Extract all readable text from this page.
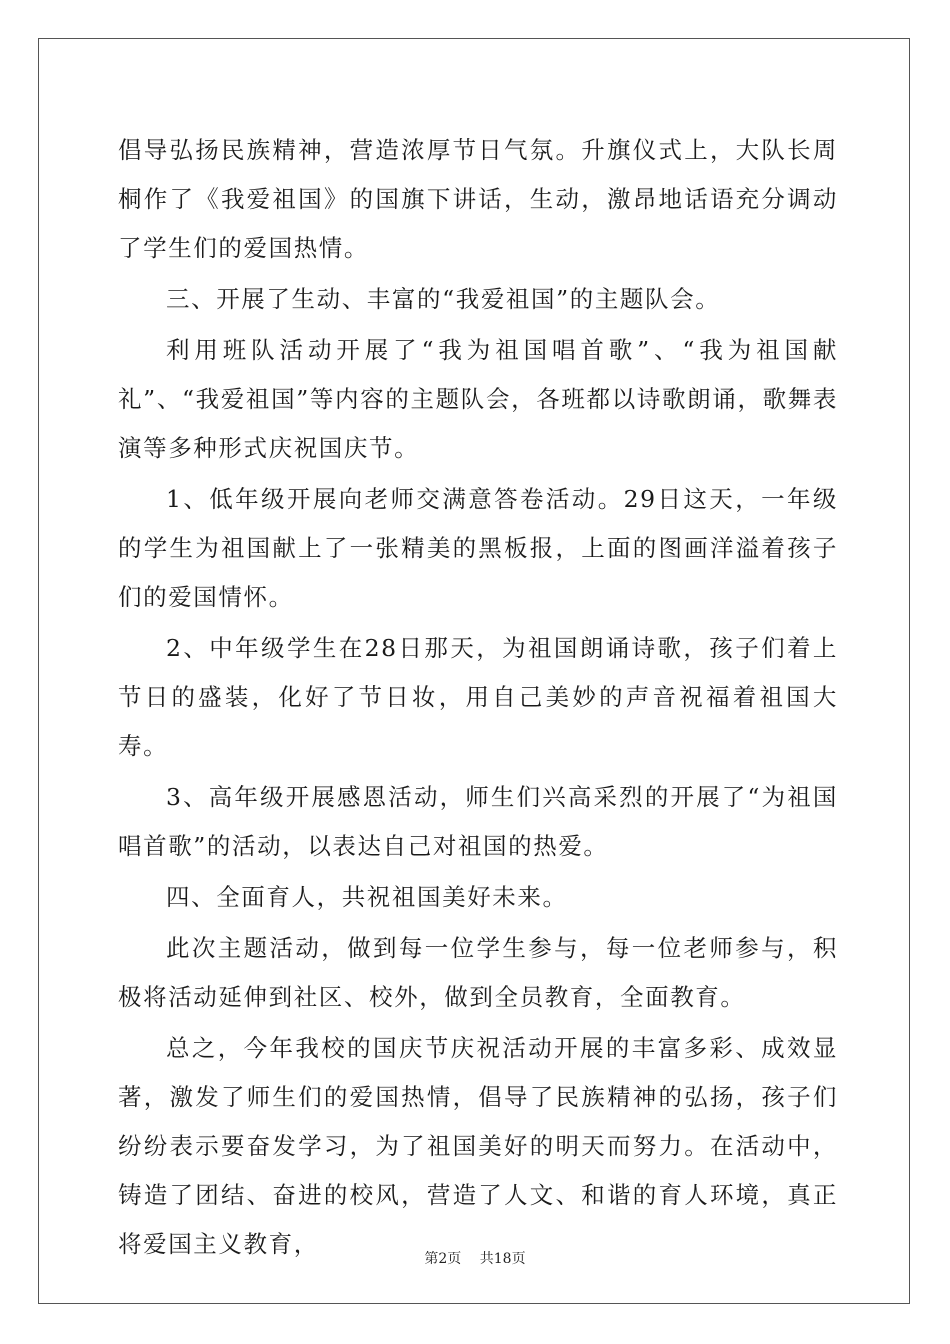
倡导弘扬民族精神，营造浓厚节日气氛。升旗仪式上，大队长周桐作了《我爱祖国》的国旗下讲话，生动，激昂地话语充分调动了学生们的爱国热情。

三、开展了生动、丰富的“我爱祖国”的主题队会。

利用班队活动开展了“我为祖国唱首歌”、“我为祖国献礼”、“我爱祖国”等内容的主题队会，各班都以诗歌朗诵，歌舞表演等多种形式庆祝国庆节。

1、低年级开展向老师交满意答卷活动。29日这天，一年级的学生为祖国献上了一张精美的黑板报，上面的图画洋溢着孩子们的爱国情怀。

2、中年级学生在28日那天，为祖国朗诵诗歌，孩子们着上节日的盛装，化好了节日妆，用自己美妙的声音祝福着祖国大寿。

3、高年级开展感恩活动，师生们兴高采烈的开展了“为祖国唱首歌”的活动，以表达自己对祖国的热爱。

四、全面育人，共祝祖国美好未来。

此次主题活动，做到每一位学生参与，每一位老师参与，积极将活动延伸到社区、校外，做到全员教育，全面教育。

总之，今年我校的国庆节庆祝活动开展的丰富多彩、成效显著，激发了师生们的爱国热情，倡导了民族精神的弘扬，孩子们纷纷表示要奋发学习，为了祖国美好的明天而努力。在活动中，铸造了团结、奋进的校风，营造了人文、和谐的育人环境，真正将爱国主义教育，

第2页 共18页
